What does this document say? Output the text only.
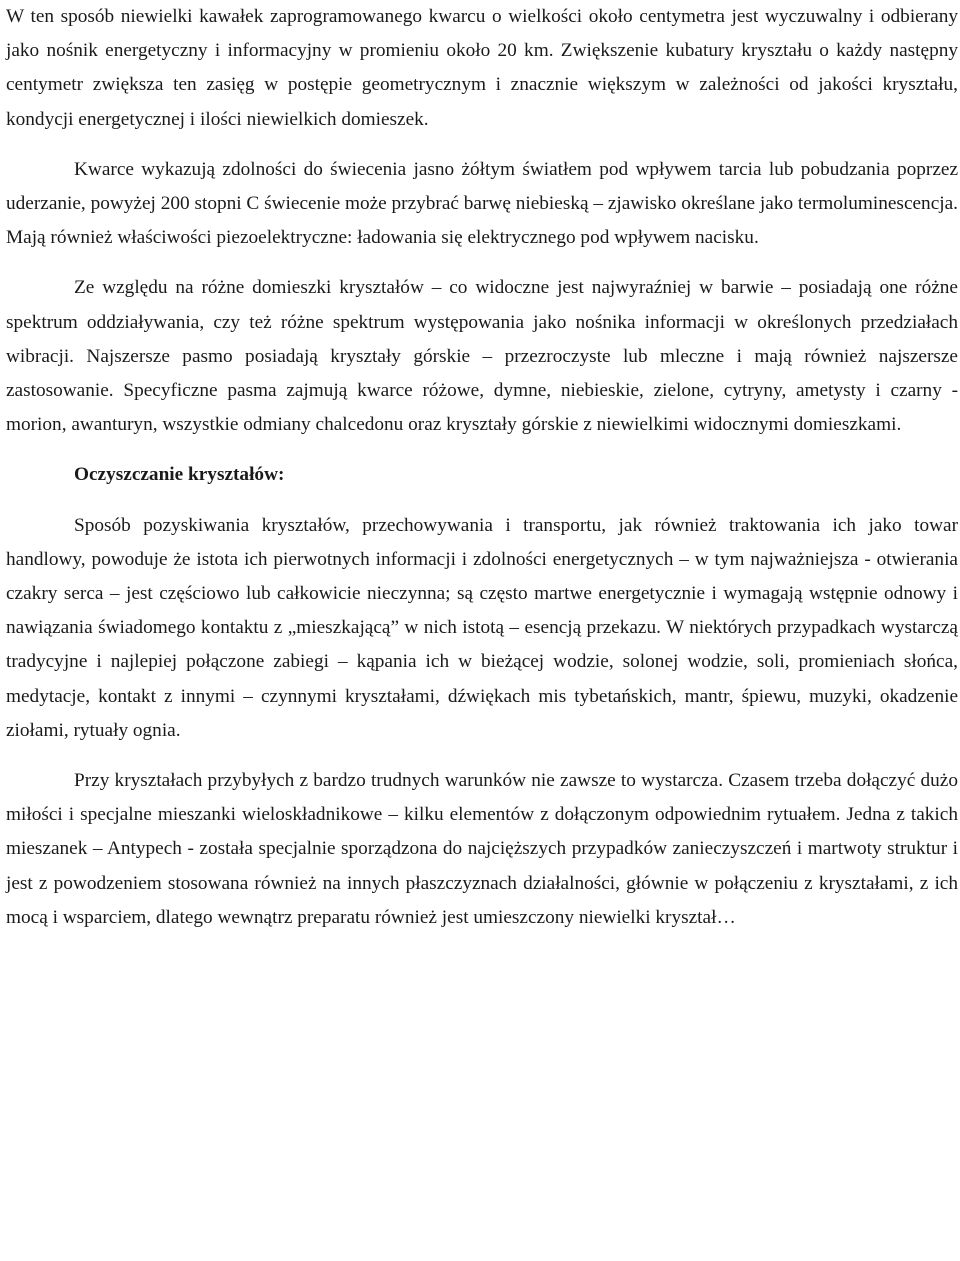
W ten sposób niewielki kawałek zaprogramowanego kwarcu o wielkości około centymetra jest wyczuwalny i odbierany jako nośnik energetyczny i informacyjny w promieniu około 20 km. Zwiększenie kubatury kryształu o każdy następny centymetr zwiększa ten zasięg w postępie geometrycznym i znacznie większym w zależności od jakości kryształu, kondycji energetycznej i ilości niewielkich domieszek.

Kwarce wykazują zdolności do świecenia jasno żółtym światłem pod wpływem tarcia lub pobudzania poprzez uderzanie, powyżej 200 stopni C świecenie może przybrać barwę niebieską – zjawisko określane jako termoluminescencja. Mają również właściwości piezoelektryczne: ładowania się elektrycznego pod wpływem nacisku.

Ze względu na różne domieszki kryształów – co widoczne jest najwyraźniej w barwie – posiadają one różne spektrum oddziaływania, czy też różne spektrum występowania jako nośnika informacji w określonych przedziałach wibracji. Najszersze pasmo posiadają kryształy górskie – przezroczyste lub mleczne i mają również najszersze zastosowanie. Specyficzne pasma zajmują kwarce różowe, dymne, niebieskie, zielone, cytryny, ametysty i czarny - morion, awanturyn, wszystkie odmiany chalcedonu oraz kryształy górskie z niewielkimi widocznymi domieszkami.

Oczyszczanie kryształów:

Sposób pozyskiwania kryształów, przechowywania i transportu, jak również traktowania ich jako towar handlowy, powoduje że istota ich pierwotnych informacji i zdolności energetycznych – w tym najważniejsza - otwierania czakry serca – jest częściowo lub całkowicie nieczynna; są często martwe energetycznie i wymagają wstępnie odnowy i nawiązania świadomego kontaktu z „mieszkającą” w nich istotą – esencją przekazu. W niektórych przypadkach wystarczą tradycyjne i najlepiej połączone zabiegi – kąpania ich w bieżącej wodzie, solonej wodzie, soli, promieniach słońca, medytacje, kontakt z innymi – czynnymi kryształami, dźwiękach mis tybetańskich, mantr, śpiewu, muzyki, okadzenie ziołami, rytuały ognia.

Przy kryształach przybyłych z bardzo trudnych warunków nie zawsze to wystarcza. Czasem trzeba dołączyć dużo miłości i specjalne mieszanki wieloskładnikowe – kilku elementów z dołączonym odpowiednim rytuałem. Jedna z takich mieszanek – Antypech - została specjalnie sporządzona do najcięższych przypadków zanieczyszczeń i martwoty struktur i jest z powodzeniem stosowana również na innych płaszczyznach działalności, głównie w połączeniu z kryształami, z ich mocą i wsparciem, dlatego wewnątrz preparatu również jest umieszczony niewielki kryształ…
